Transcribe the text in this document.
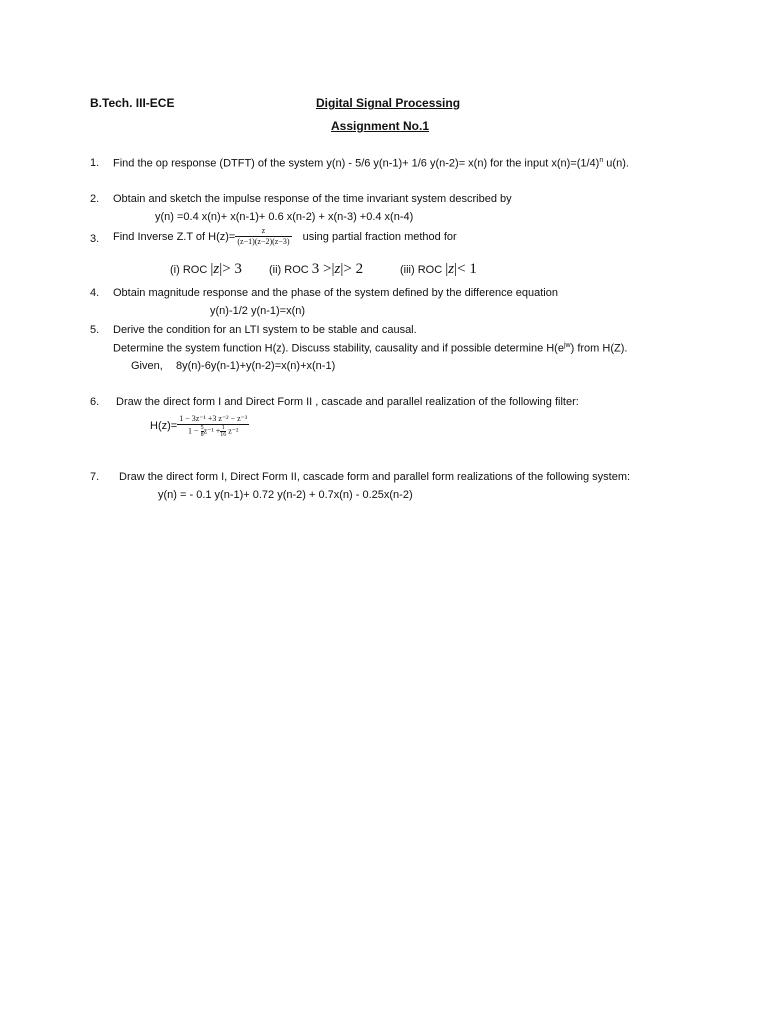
B.Tech. III-ECE	Digital Signal Processing
Assignment No.1
1. Find the op response (DTFT) of the system y(n) - 5/6 y(n-1)+ 1/6 y(n-2)= x(n) for the input $x(n)=(1/4)^n$ u(n).
2. Obtain and sketch the impulse response of the time invariant system described by
y(n) =0.4 x(n)+ x(n-1)+ 0.6 x(n-2) + x(n-3) +0.4 x(n-4)
3. Find Inverse Z.T of $H(z)= \frac{z}{(z-1)(z-2)(z-3)}$ using partial fraction method for
(i) ROC |z|> 3 (ii) ROC 3 >|z|> 2	(iii) ROC |z|< 1
4. Obtain magnitude response and the phase of the system defined by the difference equation
y(n)-1/2 y(n-1)=x(n)
5. Derive the condition for an LTI system to be stable and causal.
Determine the system function H(z). Discuss stability, causality and if possible determine $H(e^{jw})$ from H(Z).
Given, 8y(n)-6y(n-1)+y(n-2)=x(n)+x(n-1)
6. Draw the direct form I and Direct Form II , cascade and parallel realization of the following filter:
$H(z)= \frac{\text{1 − 3z⁻¹ +3 z⁻² − z⁻³}}{1 - \frac{5}{8} z^{-1} + \frac{1}{16} z^{-2}}$
7. Draw the direct form I, Direct Form II, cascade form and parallel form realizations of the following system:
y(n) = - 0.1 y(n-1)+ 0.72 y(n-2) + 0.7x(n) - 0.25x(n-2)
